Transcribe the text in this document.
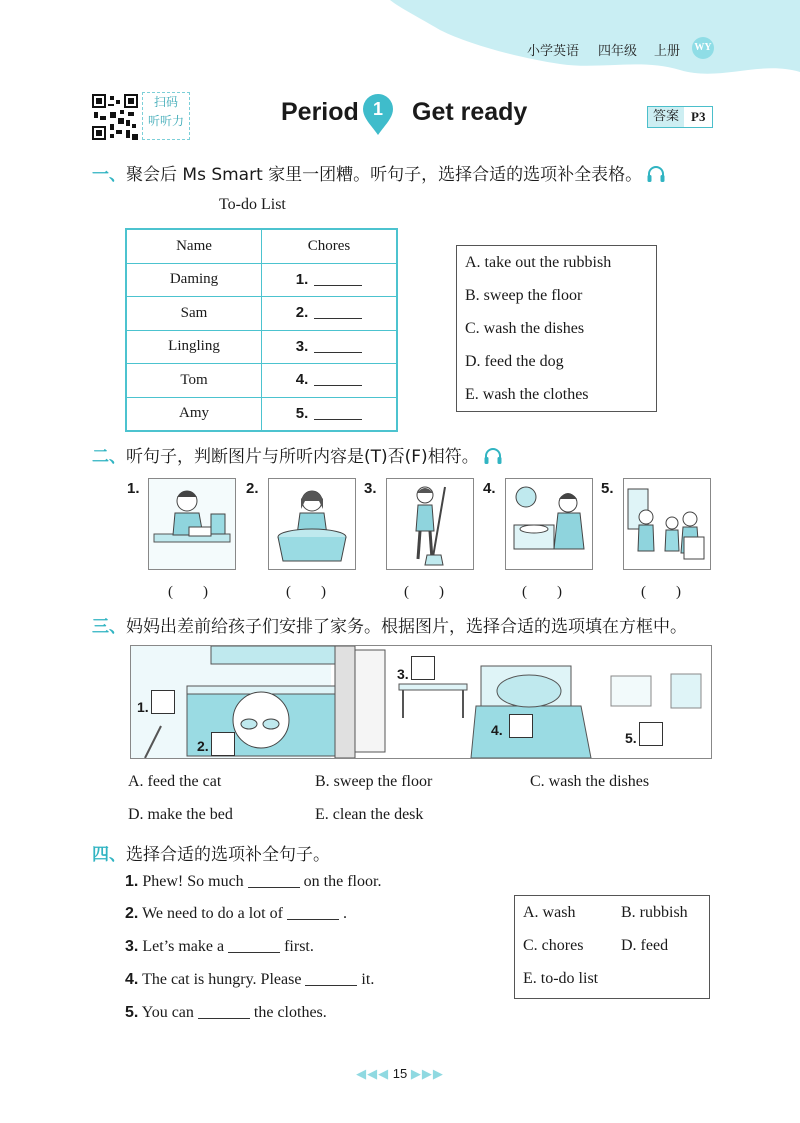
小学英语 四年级 上册 WY
扫码
听听力	Period 1	Get ready	答案 P3
一、聚会后 Ms Smart 家里一团糟。听句子，选择合适的选项补全表格。
To-do List
Name	Chores
Daming	1.
Sam	2.
Lingling	3.
Tom	4.
Amy	5.
A. take out the rubbish
B. sweep the floor
C. wash the dishes
D. feed the dog
E. wash the clothes
二、听句子，判断图片与所听内容是(T)否(F)相符。
1.	2.	3.	4.	5.
(　　)	(　　)	(　　)	(　　)	(　　)
三、妈妈出差前给孩子们安排了家务。根据图片，选择合适的选项填在方框中。
1.
2.
3.
4.	5.
A. feed the cat	B. sweep the floor	C. wash the dishes
D. make the bed	E. clean the desk
四、选择合适的选项补全句子。
1. Phew! So much	on the floor.
2. We need to do a lot of	.
3. Let’s make a	first.
4. The cat is hungry. Please	it.
5. You can	the clothes.
A. wash	B. rubbish
C. chores D. feed
E. to-do list
◀◀◀ 15 ▶▶▶
